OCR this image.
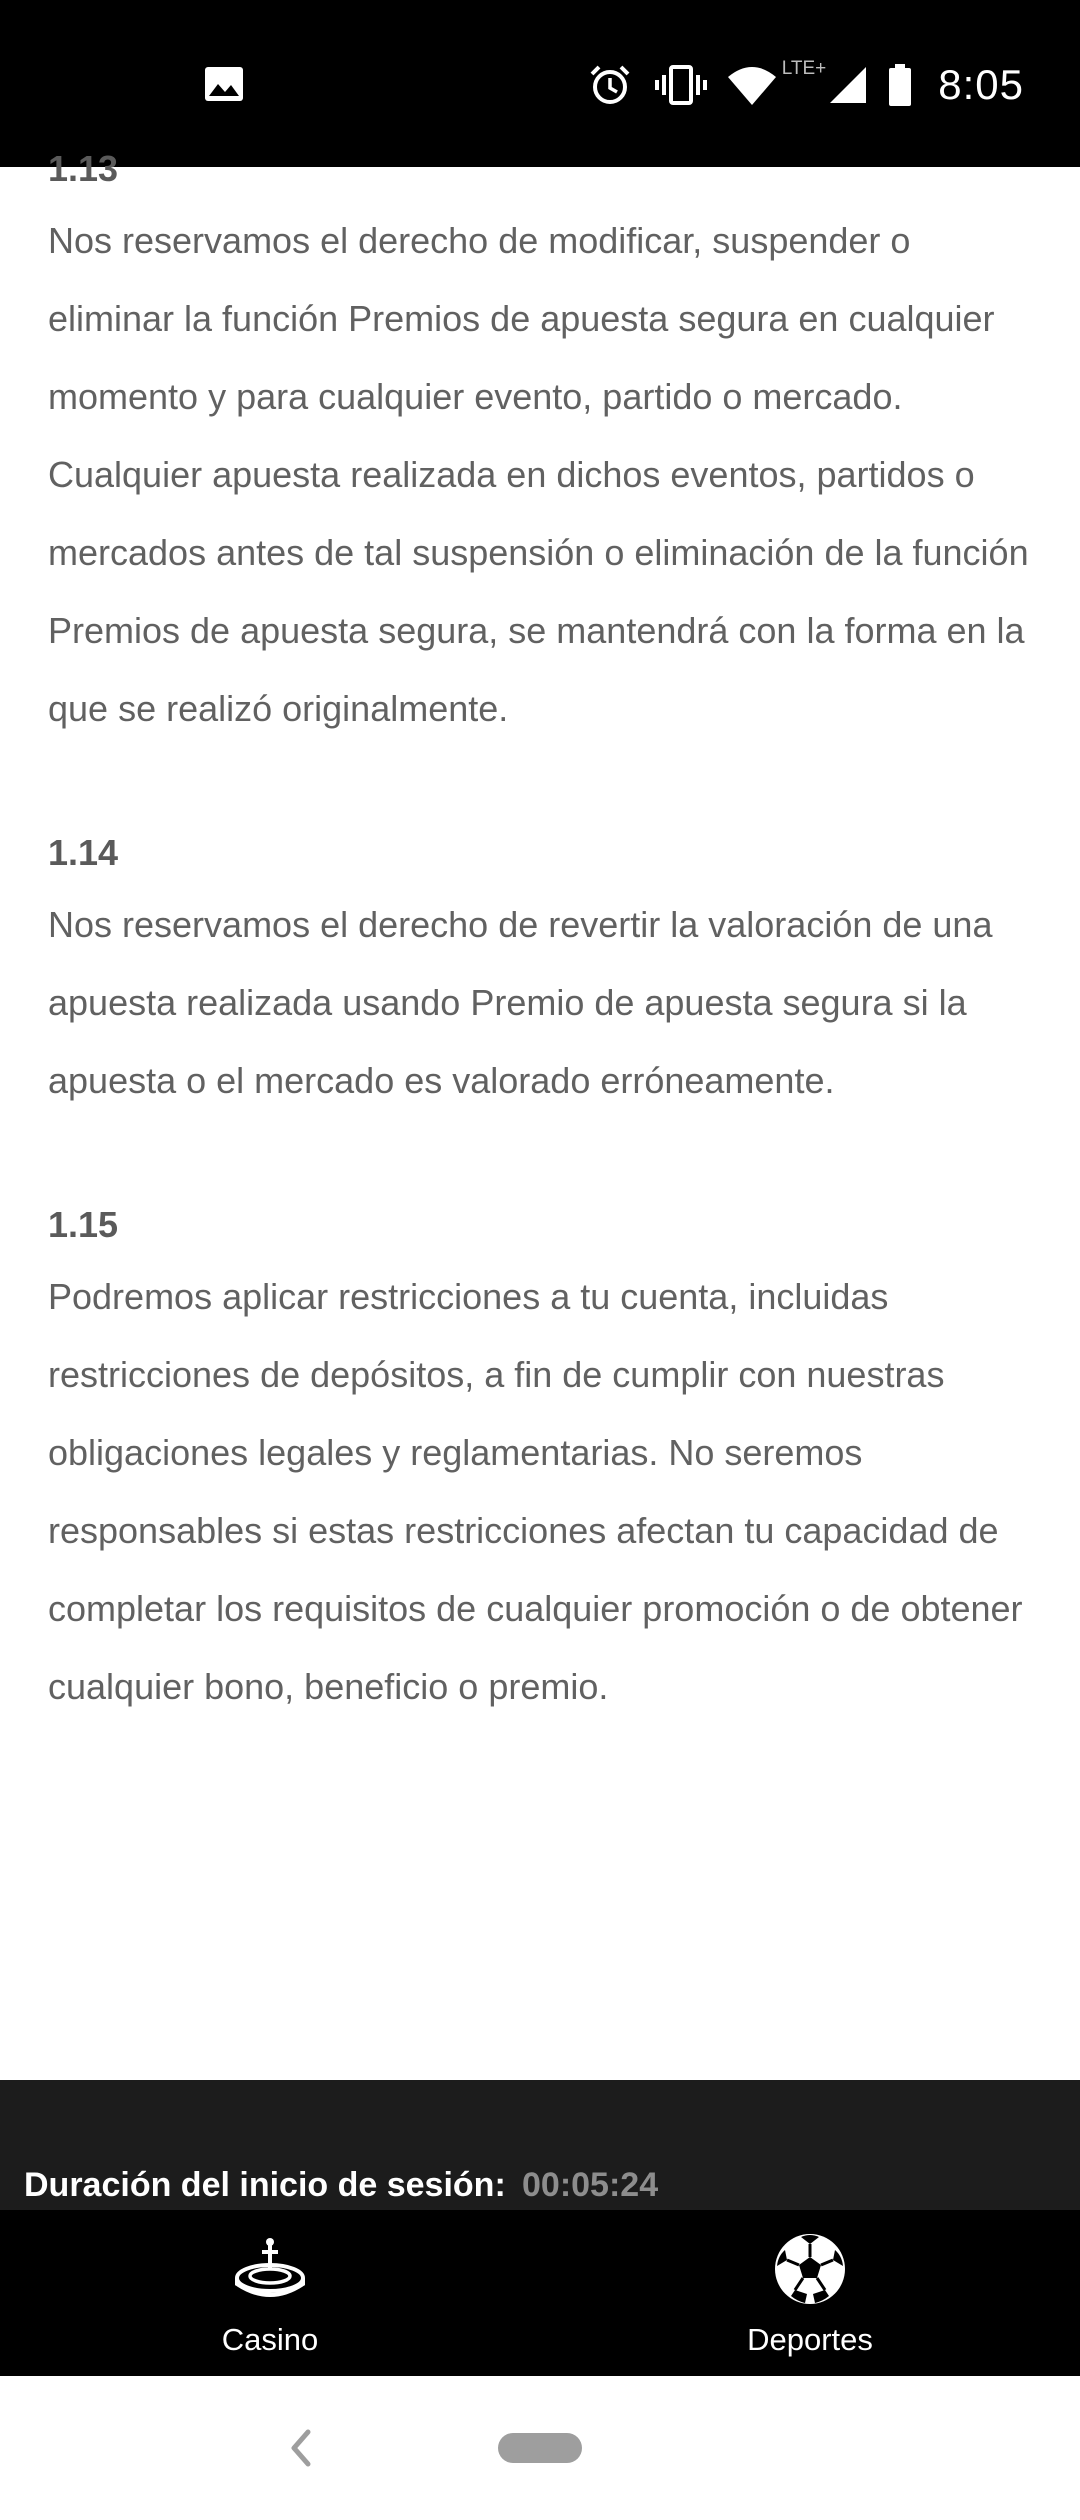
LTE+	8:05
1.13

Nos reservamos el derecho de modificar, suspender o eliminar la función Premios de apuesta segura en cualquier momento y para cualquier evento, partido o mercado. Cualquier apuesta realizada en dichos eventos, partidos o mercados antes de tal suspensión o eliminación de la función Premios de apuesta segura, se mantendrá con la forma en la que se realizó originalmente.

1.14

Nos reservamos el derecho de revertir la valoración de una apuesta realizada usando Premio de apuesta segura si la apuesta o el mercado es valorado erróneamente.

1.15

Podremos aplicar restricciones a tu cuenta, incluidas restricciones de depósitos, a fin de cumplir con nuestras obligaciones legales y reglamentarias. No seremos responsables si estas restricciones afectan tu capacidad de completar los requisitos de cualquier promoción o de obtener cualquier bono, beneficio o premio.

Duración del inicio de sesión: 00:05:24
Casino	Deportes
